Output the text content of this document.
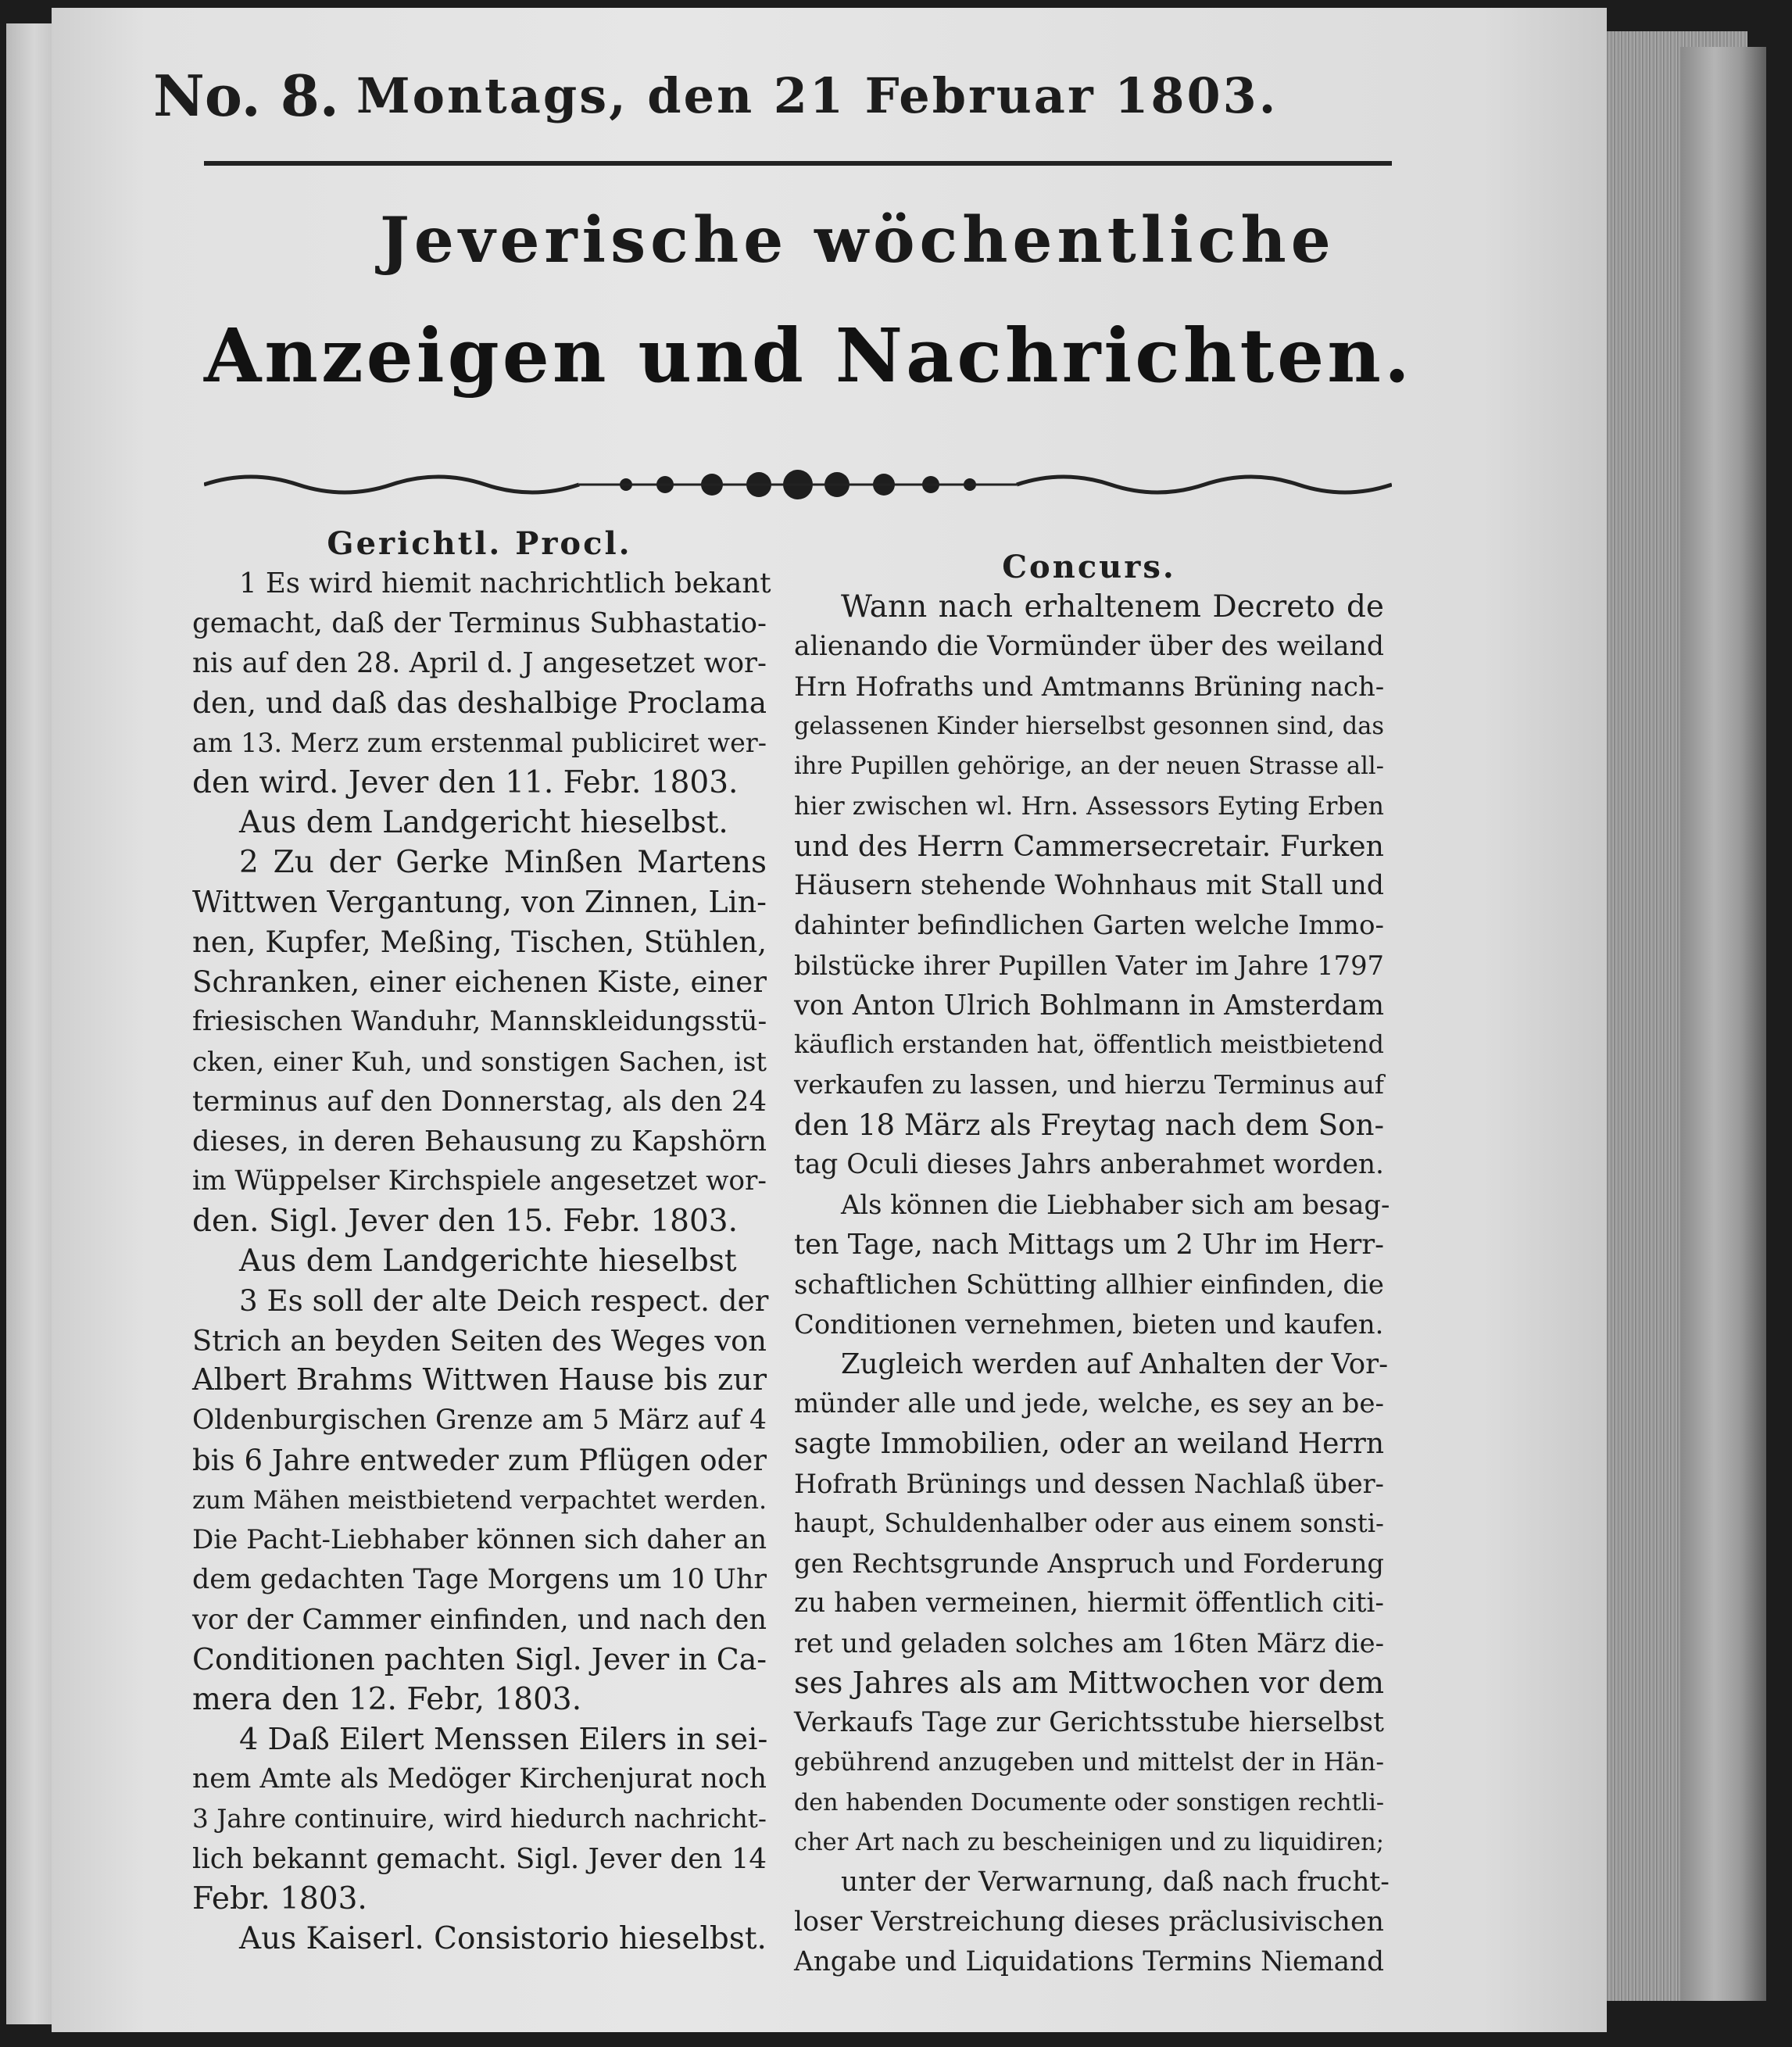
No. 8. Montags, den 21 Februar 1803.
Jeverische wöchentliche
Anzeigen und Nachrichten.
Gerichtl. Procl.
1 Es wird hiemit nachrichtlich bekant
gemacht, daß der Terminus Subhastatio-
nis auf den 28. April d. J angesetzet wor-
den, und daß das deshalbige Proclama
am 13. Merz zum erstenmal publiciret wer-
den wird. Jever den 11. Febr. 1803.
Aus dem Landgericht hieselbst.
2 Zu der Gerke Minßen Martens
Wittwen Vergantung, von Zinnen, Lin-
nen, Kupfer, Meßing, Tischen, Stühlen,
Schranken, einer eichenen Kiste, einer
friesischen Wanduhr, Mannskleidungsstü-
cken, einer Kuh, und sonstigen Sachen, ist
terminus auf den Donnerstag, als den 24
dieses, in deren Behausung zu Kapshörn
im Wüppelser Kirchspiele angesetzet wor-
den. Sigl. Jever den 15. Febr. 1803.
Aus dem Landgerichte hieselbst
3 Es soll der alte Deich respect. der
Strich an beyden Seiten des Weges von
Albert Brahms Wittwen Hause bis zur
Oldenburgischen Grenze am 5 März auf 4
bis 6 Jahre entweder zum Pflügen oder
zum Mähen meistbietend verpachtet werden.
Die Pacht-Liebhaber können sich daher an
dem gedachten Tage Morgens um 10 Uhr
vor der Cammer einfinden, und nach den
Conditionen pachten Sigl. Jever in Ca-
mera den 12. Febr, 1803.
4 Daß Eilert Menssen Eilers in sei-
nem Amte als Medöger Kirchenjurat noch
3 Jahre continuire, wird hiedurch nachricht-
lich bekannt gemacht. Sigl. Jever den 14
Febr. 1803.
Aus Kaiserl. Consistorio hieselbst.
Concurs.
Wann nach erhaltenem Decreto de
alienando die Vormünder über des weiland
Hrn Hofraths und Amtmanns Brüning nach-
gelassenen Kinder hierselbst gesonnen sind, das
ihre Pupillen gehörige, an der neuen Strasse all-
hier zwischen wl. Hrn. Assessors Eyting Erben
und des Herrn Cammersecretair. Furken
Häusern stehende Wohnhaus mit Stall und
dahinter befindlichen Garten welche Immo-
bilstücke ihrer Pupillen Vater im Jahre 1797
von Anton Ulrich Bohlmann in Amsterdam
käuflich erstanden hat, öffentlich meistbietend
verkaufen zu lassen, und hierzu Terminus auf
den 18 März als Freytag nach dem Son-
tag Oculi dieses Jahrs anberahmet worden.
Als können die Liebhaber sich am besag-
ten Tage, nach Mittags um 2 Uhr im Herr-
schaftlichen Schütting allhier einfinden, die
Conditionen vernehmen, bieten und kaufen.
Zugleich werden auf Anhalten der Vor-
münder alle und jede, welche, es sey an be-
sagte Immobilien, oder an weiland Herrn
Hofrath Brünings und dessen Nachlaß über-
haupt, Schuldenhalber oder aus einem sonsti-
gen Rechtsgrunde Anspruch und Forderung
zu haben vermeinen, hiermit öffentlich citi-
ret und geladen solches am 16ten März die-
ses Jahres als am Mittwochen vor dem
Verkaufs Tage zur Gerichtsstube hierselbst
gebührend anzugeben und mittelst der in Hän-
den habenden Documente oder sonstigen rechtli-
cher Art nach zu bescheinigen und zu liquidiren;
unter der Verwarnung, daß nach frucht-
loser Verstreichung dieses präclusivischen
Angabe und Liquidations Termins Niemand
